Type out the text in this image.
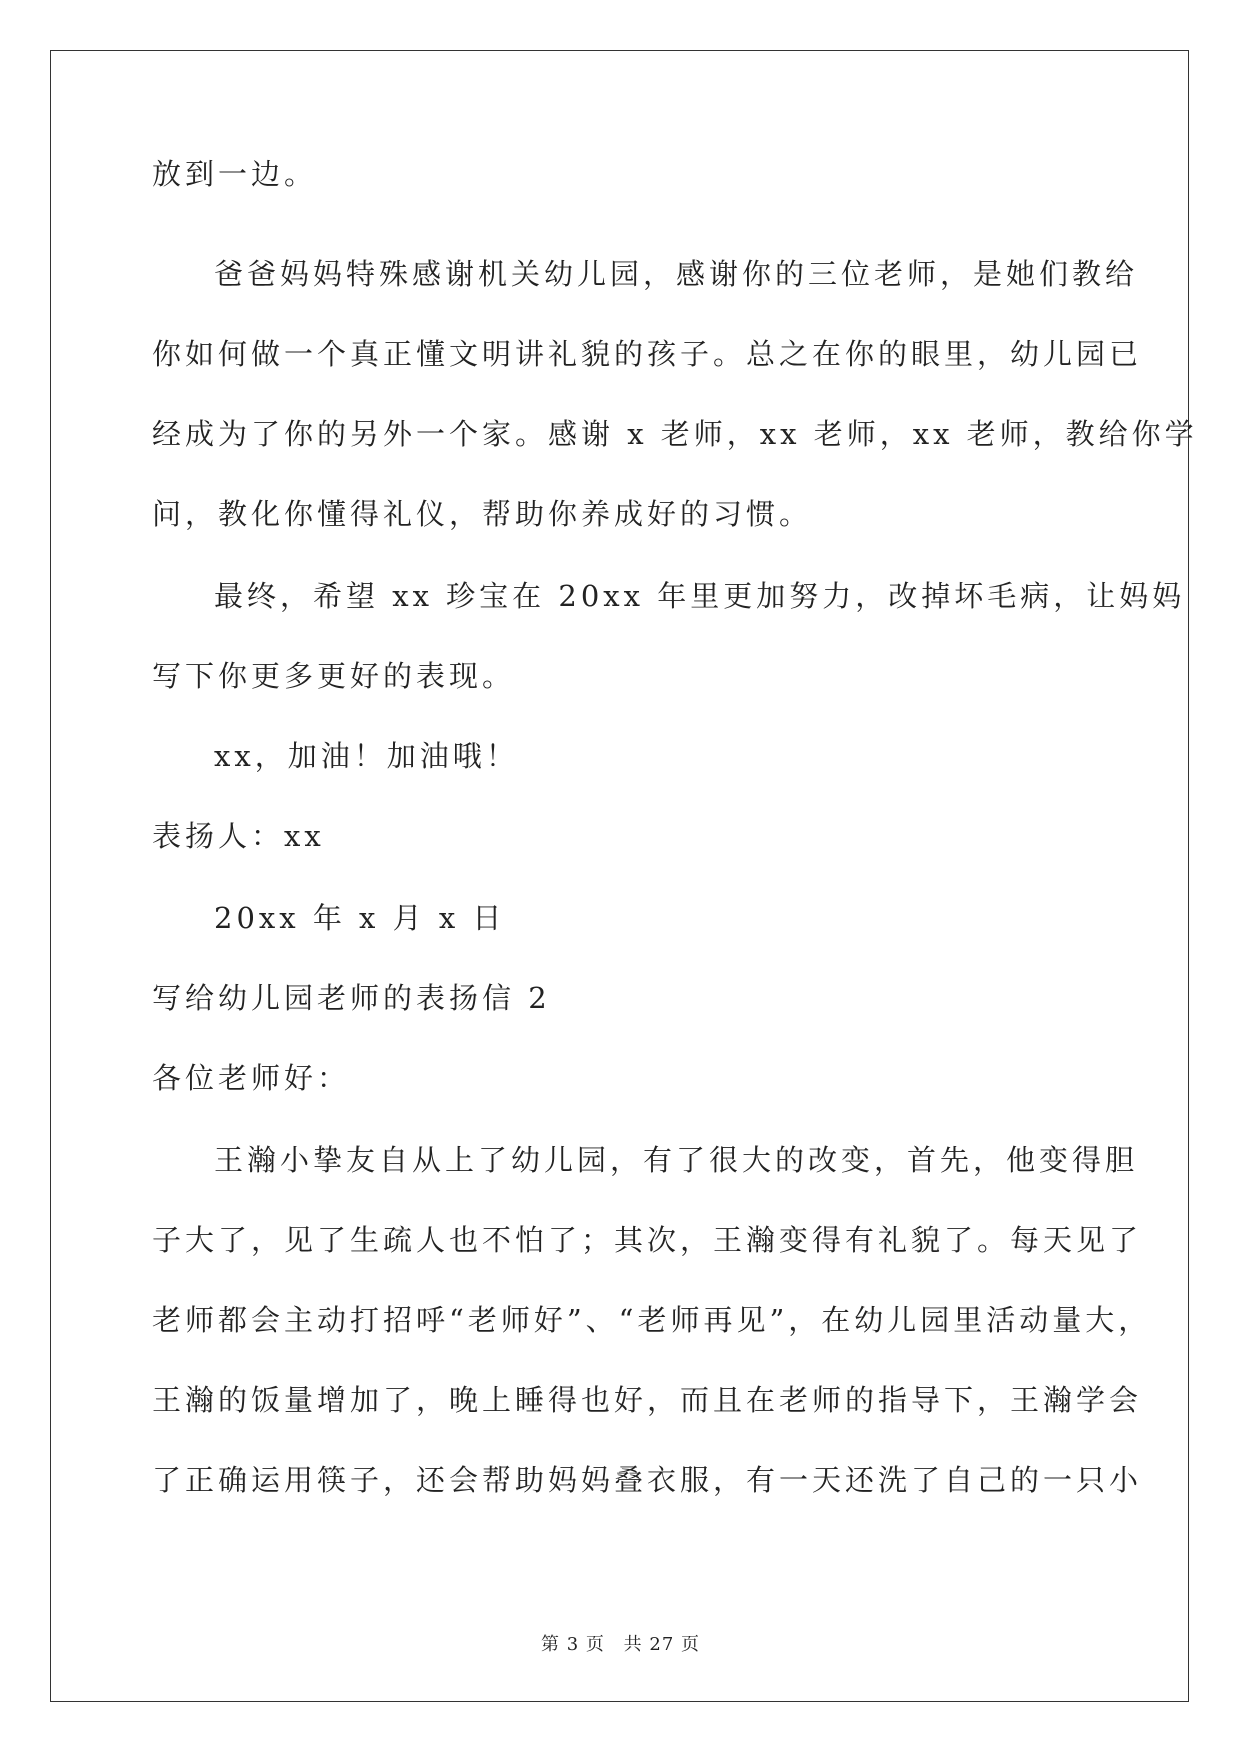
放到一边。

爸爸妈妈特殊感谢机关幼儿园，感谢你的三位老师，是她们教给

你如何做一个真正懂文明讲礼貌的孩子。总之在你的眼里，幼儿园已

经成为了你的另外一个家。感谢 x 老师，xx 老师，xx 老师，教给你学

问，教化你懂得礼仪，帮助你养成好的习惯。

最终，希望 xx 珍宝在 20xx 年里更加努力，改掉坏毛病，让妈妈

写下你更多更好的表现。

xx，加油！加油哦！

表扬人：xx

20xx 年 x 月 x 日

写给幼儿园老师的表扬信 2

各位老师好：

王瀚小挚友自从上了幼儿园，有了很大的改变，首先，他变得胆

子大了，见了生疏人也不怕了；其次，王瀚变得有礼貌了。每天见了

老师都会主动打招呼“老师好”、“老师再见”，在幼儿园里活动量大，

王瀚的饭量增加了，晚上睡得也好，而且在老师的指导下，王瀚学会

了正确运用筷子，还会帮助妈妈叠衣服，有一天还洗了自己的一只小

第 3 页 共 27 页
